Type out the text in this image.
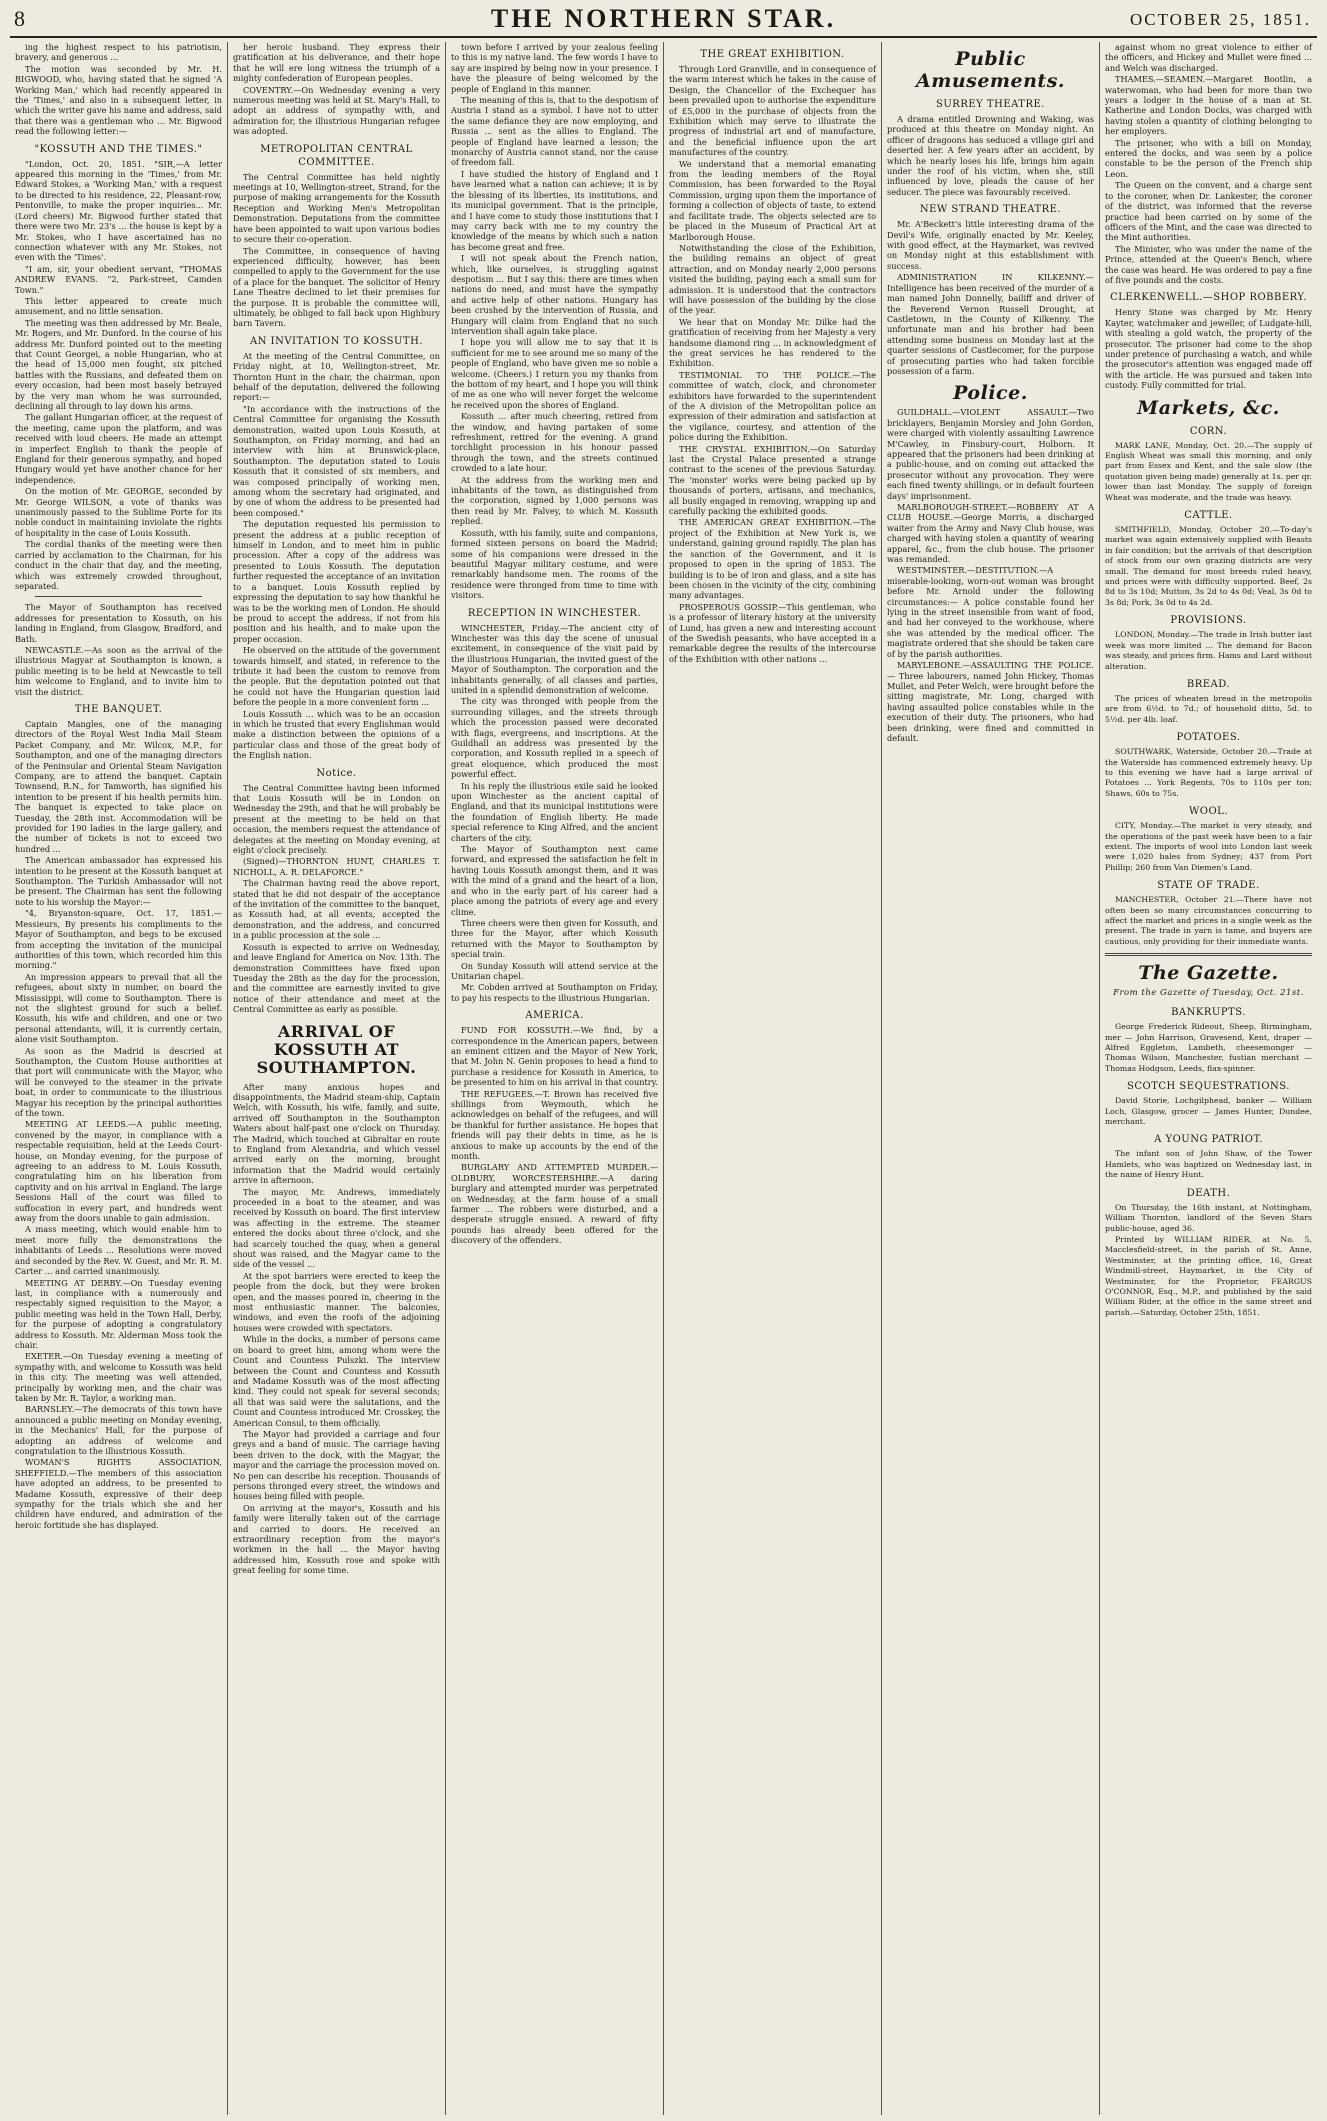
8	THE NORTHERN STAR.	OCTOBER 25, 1851.

ing the highest respect to his patriotism, bravery, and generous ...

The motion was seconded by Mr. H. BIGWOOD, who, having stated that he signed 'A Working Man,' which had recently appeared in the 'Times,' and also in a subsequent letter, in which the writer gave his name and address, said that there was a gentleman who ... Mr. Bigwood read the following letter:—

"KOSSUTH AND THE TIMES."

"London, Oct. 20, 1851. "SIR,—A letter appeared this morning in the 'Times,' from Mr. Edward Stokes, a 'Working Man,' with a request to be directed to his residence, 22, Pleasant-row, Pentonville, to make the proper inquiries... Mr. (Lord cheers) Mr. Bigwood further stated that there were two Mr. 23's ... the house is kept by a Mr. Stokes, who I have ascertained has no connection whatever with any Mr. Stokes, not even with the 'Times'.

"I am, sir, your obedient servant, "THOMAS ANDREW EVANS. "2, Park-street, Camden Town."

This letter appeared to create much amusement, and no little sensation.

The meeting was then addressed by Mr. Beale, Mr. Rogers, and Mr. Dunford. In the course of his address Mr. Dunford pointed out to the meeting that Count Georgei, a noble Hungarian, who at the head of 15,000 men fought, six pitched battles with the Russians, and defeated them on every occasion, had been most basely betrayed by the very man whom he was surrounded, declining all through to lay down his arms.

The gallant Hungarian officer, at the request of the meeting, came upon the platform, and was received with loud cheers. He made an attempt in imperfect English to thank the people of England for their generous sympathy, and hoped Hungary would yet have another chance for her independence.

On the motion of Mr. GEORGE, seconded by Mr. George WILSON, a vote of thanks was unanimously passed to the Sublime Porte for its noble conduct in maintaining inviolate the rights of hospitality in the case of Louis Kossuth.

The cordial thanks of the meeting were then carried by acclamation to the Chairman, for his conduct in the chair that day, and the meeting, which was extremely crowded throughout, separated.

The Mayor of Southampton has received addresses for presentation to Kossuth, on his landing in England, from Glasgow, Bradford, and Bath.

NEWCASTLE.—As soon as the arrival of the illustrious Magyar at Southampton is known, a public meeting is to be held at Newcastle to tell him welcome to England, and to invite him to visit the district.

THE BANQUET.

Captain Mangles, one of the managing directors of the Royal West India Mail Steam Packet Company, and Mr. Wilcox, M.P., for Southampton, and one of the managing directors of the Peninsular and Oriental Steam Navigation Company, are to attend the banquet. Captain Townsend, R.N., for Tamworth, has signified his intention to be present if his health permits him. The banquet is expected to take place on Tuesday, the 28th inst. Accommodation will be provided for 190 ladies in the large gallery, and the number of tickets is not to exceed two hundred ...

The American ambassador has expressed his intention to be present at the Kossuth banquet at Southampton. The Turkish Ambassador will not be present. The Chairman has sent the following note to his worship the Mayor:—

"4, Bryanston-square, Oct. 17, 1851.—Messieurs, By presents his compliments to the Mayor of Southampton, and begs to be excused from accepting the invitation of the municipal authorities of this town, which recorded him this morning."

An impression appears to prevail that all the refugees, about sixty in number, on board the Mississippi, will come to Southampton. There is not the slightest ground for such a belief. Kossuth, his wife and children, and one or two personal attendants, will, it is currently certain, alone visit Southampton.

As soon as the Madrid is descried at Southampton, the Custom House authorities at that port will communicate with the Mayor, who will be conveyed to the steamer in the private boat, in order to communicate to the illustrious Magyar his reception by the principal authorities of the town.

MEETING AT LEEDS.—A public meeting, convened by the mayor, in compliance with a respectable requisition, held at the Leeds Court-house, on Monday evening, for the purpose of agreeing to an address to M. Louis Kossuth, congratulating him on his liberation from captivity and on his arrival in England. The large Sessions Hall of the court was filled to suffocation in every part, and hundreds went away from the doors unable to gain admission.

A mass meeting, which would enable him to meet more fully the demonstrations the inhabitants of Leeds ... Resolutions were moved and seconded by the Rev. W. Guest, and Mr. R. M. Carter ... and carried unanimously.

MEETING AT DERBY.—On Tuesday evening last, in compliance with a numerously and respectably signed requisition to the Mayor, a public meeting was held in the Town Hall, Derby, for the purpose of adopting a congratulatory address to Kossuth. Mr. Alderman Moss took the chair.

EXETER.—On Tuesday evening a meeting of sympathy with, and welcome to Kossuth was held in this city. The meeting was well attended, principally by working men, and the chair was taken by Mr. R. Taylor, a working man.

BARNSLEY.—The democrats of this town have announced a public meeting on Monday evening, in the Mechanics' Hall, for the purpose of adopting an address of welcome and congratulation to the illustrious Kossuth.

WOMAN'S RIGHTS ASSOCIATION, SHEFFIELD.—The members of this association have adopted an address, to be presented to Madame Kossuth, expressive of their deep sympathy for the trials which she and her children have endured, and admiration of the heroic fortitude she has displayed.

her heroic husband. They express their gratification at his deliverance, and their hope that he will ere long witness the triumph of a mighty confederation of European peoples.

COVENTRY.—On Wednesday evening a very numerous meeting was held at St. Mary's Hall, to adopt an address of sympathy with, and admiration for, the illustrious Hungarian refugee was adopted.

METROPOLITAN CENTRAL COMMITTEE.

The Central Committee has held nightly meetings at 10, Wellington-street, Strand, for the purpose of making arrangements for the Kossuth Reception and Working Men's Metropolitan Demonstration. Deputations from the committee have been appointed to wait upon various bodies to secure their co-operation.

The Committee, in consequence of having experienced difficulty, however, has been compelled to apply to the Government for the use of a place for the banquet. The solicitor of Henry Lane Theatre declined to let their premises for the purpose. It is probable the committee will, ultimately, be obliged to fall back upon Highbury barn Tavern.

AN INVITATION TO KOSSUTH.

At the meeting of the Central Committee, on Friday night, at 10, Wellington-street, Mr. Thornton Hunt in the chair, the chairman, upon behalf of the deputation, delivered the following report:—

"In accordance with the instructions of the Central Committee for organising the Kossuth demonstration, waited upon Louis Kossuth, at Southampton, on Friday morning, and had an interview with him at Brunswick-place, Southampton. The deputation stated to Louis Kossuth that it consisted of six members, and was composed principally of working men, among whom the secretary had originated, and by one of whom the address to be presented had been composed."

The deputation requested his permission to present the address at a public reception of himself in London, and to meet him in public procession. After a copy of the address was presented to Louis Kossuth. The deputation further requested the acceptance of an invitation to a banquet. Louis Kossuth replied by expressing the deputation to say how thankful he was to be the working men of London. He should be proud to accept the address, if not from his position and his health, and to make upon the proper occasion.

He observed on the attitude of the government towards himself, and stated, in reference to the tribute it had been the custom to remove from the people. But the deputation pointed out that he could not have the Hungarian question laid before the people in a more convenient form ...

Louis Kossuth ... which was to be an occasion in which he trusted that every Englishman would make a distinction between the opinions of a particular class and those of the great body of the English nation.

Notice.

The Central Committee having been informed that Louis Kossuth will be in London on Wednesday the 29th, and that he will probably be present at the meeting to be held on that occasion, the members request the attendance of delegates at the meeting on Monday evening, at eight o'clock precisely.

(Signed)—THORNTON HUNT, CHARLES T. NICHOLL, A. R. DELAFORCE."

The Chairman having read the above report, stated that he did not despair of the acceptance of the invitation of the committee to the banquet, as Kossuth had, at all events, accepted the demonstration, and the address, and concurred in a public procession at the sole ...

Kossuth is expected to arrive on Wednesday, and leave England for America on Nov. 13th. The demonstration Committees have fixed upon Tuesday the 28th as the day for the procession, and the committee are earnestly invited to give notice of their attendance and meet at the Central Committee as early as possible.

ARRIVAL OF KOSSUTH AT SOUTHAMPTON.

After many anxious hopes and disappointments, the Madrid steam-ship, Captain Welch, with Kossuth, his wife, family, and suite, arrived off Southampton in the Southampton Waters about half-past one o'clock on Thursday. The Madrid, which touched at Gibraltar en route to England from Alexandria, and which vessel arrived early on the morning, brought information that the Madrid would certainly arrive in afternoon.

The mayor, Mr. Andrews, immediately proceeded in a boat to the steamer, and was received by Kossuth on board. The first interview was affecting in the extreme. The steamer entered the docks about three o'clock, and she had scarcely touched the quay, when a general shout was raised, and the Magyar came to the side of the vessel ...

At the spot barriers were erected to keep the people from the dock, but they were broken open, and the masses poured in, cheering in the most enthusiastic manner. The balconies, windows, and even the roofs of the adjoining houses were crowded with spectators.

While in the docks, a number of persons came on board to greet him, among whom were the Count and Countess Pulszki. The interview between the Count and Countess and Kossuth and Madame Kossuth was of the most affecting kind. They could not speak for several seconds; all that was said were the salutations, and the Count and Countess introduced Mr. Crosskey, the American Consul, to them officially.

The Mayor had provided a carriage and four greys and a band of music. The carriage having been driven to the dock, with the Magyar, the mayor and the carriage the procession moved on. No pen can describe his reception. Thousands of persons thronged every street, the windows and houses being filled with people.

On arriving at the mayor's, Kossuth and his family were literally taken out of the carriage and carried to doors. He received an extraordinary reception from the mayor's workmen in the hall ... the Mayor having addressed him, Kossuth rose and spoke with great feeling for some time.

town before I arrived by your zealous feeling to this is my native land. The few words I have to say are inspired by being now in your presence. I have the pleasure of being welcomed by the people of England in this manner.

The meaning of this is, that to the despotism of Austria I stand as a symbol. I have not to utter the same defiance they are now employing, and Russia ... sent as the allies to England. The people of England have learned a lesson; the monarchy of Austria cannot stand, nor the cause of freedom fall.

I have studied the history of England and I have learned what a nation can achieve; it is by the blessing of its liberties, its institutions, and its municipal government. That is the principle, and I have come to study those institutions that I may carry back with me to my country the knowledge of the means by which such a nation has become great and free.

I will not speak about the French nation, which, like ourselves, is struggling against despotism ... But I say this: there are times when nations do need, and must have the sympathy and active help of other nations. Hungary has been crushed by the intervention of Russia, and Hungary will claim from England that no such intervention shall again take place.

I hope you will allow me to say that it is sufficient for me to see around me so many of the people of England, who have given me so noble a welcome. (Cheers.) I return you my thanks from the bottom of my heart, and I hope you will think of me as one who will never forget the welcome he received upon the shores of England.

Kossuth ... after much cheering, retired from the window, and having partaken of some refreshment, retired for the evening. A grand torchlight procession in his honour passed through the town, and the streets continued crowded to a late hour.

At the address from the working men and inhabitants of the town, as distinguished from the corporation, signed by 1,000 persons was then read by Mr. Falvey, to which M. Kossuth replied.

Kossuth, with his family, suite and companions, formed sixteen persons on board the Madrid; some of his companions were dressed in the beautiful Magyar military costume, and were remarkably handsome men. The rooms of the residence were thronged from time to time with visitors.

RECEPTION IN WINCHESTER.

WINCHESTER, Friday.—The ancient city of Winchester was this day the scene of unusual excitement, in consequence of the visit paid by the illustrious Hungarian, the invited guest of the Mayor of Southampton. The corporation and the inhabitants generally, of all classes and parties, united in a splendid demonstration of welcome.

The city was thronged with people from the surrounding villages, and the streets through which the procession passed were decorated with flags, evergreens, and inscriptions. At the Guildhall an address was presented by the corporation, and Kossuth replied in a speech of great eloquence, which produced the most powerful effect.

In his reply the illustrious exile said he looked upon Winchester as the ancient capital of England, and that its municipal institutions were the foundation of English liberty. He made special reference to King Alfred, and the ancient charters of the city.

The Mayor of Southampton next came forward, and expressed the satisfaction he felt in having Louis Kossuth amongst them, and it was with the mind of a grand and the heart of a lion, and who in the early part of his career had a place among the patriots of every age and every clime.

Three cheers were then given for Kossuth, and three for the Mayor, after which Kossuth returned with the Mayor to Southampton by special train.

On Sunday Kossuth will attend service at the Unitarian chapel.

Mr. Cobden arrived at Southampton on Friday, to pay his respects to the illustrious Hungarian.

AMERICA.

FUND FOR KOSSUTH.—We find, by a correspondence in the American papers, between an eminent citizen and the Mayor of New York, that M. John N. Genin proposes to head a fund to purchase a residence for Kossuth in America, to be presented to him on his arrival in that country.

THE REFUGEES.—T. Brown has received five shillings from Weymouth, which he acknowledges on behalf of the refugees, and will be thankful for further assistance. He hopes that friends will pay their debts in time, as he is anxious to make up accounts by the end of the month.

BURGLARY AND ATTEMPTED MURDER.—OLDBURY, WORCESTERSHIRE.—A daring burglary and attempted murder was perpetrated on Wednesday, at the farm house of a small farmer ... The robbers were disturbed, and a desperate struggle ensued. A reward of fifty pounds has already been offered for the discovery of the offenders.

THE GREAT EXHIBITION.

Through Lord Granville, and in consequence of the warm interest which he takes in the cause of Design, the Chancellor of the Exchequer has been prevailed upon to authorise the expenditure of £5,000 in the purchase of objects from the Exhibition which may serve to illustrate the progress of industrial art and of manufacture, and the beneficial influence upon the art manufactures of the country.

We understand that a memorial emanating from the leading members of the Royal Commission, has been forwarded to the Royal Commission, urging upon them the importance of forming a collection of objects of taste, to extend and facilitate trade. The objects selected are to be placed in the Museum of Practical Art at Marlborough House.

Notwithstanding the close of the Exhibition, the building remains an object of great attraction, and on Monday nearly 2,000 persons visited the building, paying each a small sum for admission. It is understood that the contractors will have possession of the building by the close of the year.

We hear that on Monday Mr. Dilke had the gratification of receiving from her Majesty a very handsome diamond ring ... in acknowledgment of the great services he has rendered to the Exhibition.

TESTIMONIAL TO THE POLICE.—The committee of watch, clock, and chronometer exhibitors have forwarded to the superintendent of the A division of the Metropolitan police an expression of their admiration and satisfaction at the vigilance, courtesy, and attention of the police during the Exhibition.

THE CRYSTAL EXHIBITION.—On Saturday last the Crystal Palace presented a strange contrast to the scenes of the previous Saturday. The 'monster' works were being packed up by thousands of porters, artisans, and mechanics, all busily engaged in removing, wrapping up and carefully packing the exhibited goods.

THE AMERICAN GREAT EXHIBITION.—The project of the Exhibition at New York is, we understand, gaining ground rapidly. The plan has the sanction of the Government, and it is proposed to open in the spring of 1853. The building is to be of iron and glass, and a site has been chosen in the vicinity of the city, combining many advantages.

PROSPEROUS GOSSIP.—This gentleman, who is a professor of literary history at the university of Lund, has given a new and interesting account of the Swedish peasants, who have accepted in a remarkable degree the results of the intercourse of the Exhibition with other nations ...

Public Amusements.
SURREY THEATRE.

A drama entitled Drowning and Waking, was produced at this theatre on Monday night. An officer of dragoons has seduced a village girl and deserted her. A few years after an accident, by which he nearly loses his life, brings him again under the roof of his victim, when she, still influenced by love, pleads the cause of her seducer. The piece was favourably received.

NEW STRAND THEATRE.

Mr. A'Beckett's little interesting drama of the Devil's Wife, originally enacted by Mr. Keeley, with good effect, at the Haymarket, was revived on Monday night at this establishment with success.

ADMINISTRATION IN KILKENNY.—Intelligence has been received of the murder of a man named John Donnelly, bailiff and driver of the Reverend Vernon Russell Drought, at Castletown, in the County of Kilkenny. The unfortunate man and his brother had been attending some business on Monday last at the quarter sessions of Castlecomer, for the purpose of prosecuting parties who had taken forcible possession of a farm.

Police.

GUILDHALL.—VIOLENT ASSAULT.—Two bricklayers, Benjamin Morsley and John Gordon, were charged with violently assaulting Lawrence M'Cawley, in Finsbury-court, Holborn. It appeared that the prisoners had been drinking at a public-house, and on coming out attacked the prosecutor without any provocation. They were each fined twenty shillings, or in default fourteen days' imprisonment.

MARLBOROUGH-STREET.—ROBBERY AT A CLUB HOUSE.—George Morris, a discharged waiter from the Army and Navy Club house, was charged with having stolen a quantity of wearing apparel, &c., from the club house. The prisoner was remanded.

WESTMINSTER.—DESTITUTION.—A miserable-looking, worn-out woman was brought before Mr. Arnold under the following circumstances:— A police constable found her lying in the street insensible from want of food, and had her conveyed to the workhouse, where she was attended by the medical officer. The magistrate ordered that she should be taken care of by the parish authorities.

MARYLEBONE.—ASSAULTING THE POLICE.— Three labourers, named John Hickey, Thomas Mullet, and Peter Welch, were brought before the sitting magistrate, Mr. Long, charged with having assaulted police constables while in the execution of their duty. The prisoners, who had been drinking, were fined and committed in default.

against whom no great violence to either of the officers, and Hickey and Mullet were fined ... and Welch was discharged.

THAMES.—SEAMEN.—Margaret Bootlin, a waterwoman, who had been for more than two years a lodger in the house of a man at St. Katherine and London Docks, was charged with having stolen a quantity of clothing belonging to her employers.

The prisoner, who with a bill on Monday, entered the docks, and was seen by a police constable to be the person of the French ship Leon.

The Queen on the convent, and a charge sent to the coroner, when Dr. Lankester, the coroner of the district, was informed that the reverse practice had been carried on by some of the officers of the Mint, and the case was directed to the Mint authorities.

The Minister, who was under the name of the Prince, attended at the Queen's Bench, where the case was heard. He was ordered to pay a fine of five pounds and the costs.

CLERKENWELL.—SHOP ROBBERY.

Henry Stone was charged by Mr. Henry Kayter, watchmaker and jeweller, of Ludgate-hill, with stealing a gold watch, the property of the prosecutor. The prisoner had come to the shop under pretence of purchasing a watch, and while the prosecutor's attention was engaged made off with the article. He was pursued and taken into custody. Fully committed for trial.

Markets, &c.
CORN.

MARK LANE, Monday, Oct. 20.—The supply of English Wheat was small this morning, and only part from Essex and Kent, and the sale slow (the quotation given being made) generally at 1s. per qr. lower than last Monday. The supply of foreign Wheat was moderate, and the trade was heavy.

CATTLE.

SMITHFIELD, Monday, October 20.—To-day's market was again extensively supplied with Beasts in fair condition; but the arrivals of that description of stock from our own grazing districts are very small. The demand for most breeds ruled heavy, and prices were with difficulty supported. Beef, 2s 8d to 3s 10d; Mutton, 3s 2d to 4s 0d; Veal, 3s 0d to 3s 8d; Pork, 3s 0d to 4s 2d.

PROVISIONS.

LONDON, Monday.—The trade in Irish butter last week was more limited ... The demand for Bacon was steady, and prices firm. Hams and Lard without alteration.

BREAD.

The prices of wheaten bread in the metropolis are from 6½d. to 7d.; of household ditto, 5d. to 5½d. per 4lb. loaf.

POTATOES.

SOUTHWARK, Waterside, October 20.—Trade at the Waterside has commenced extremely heavy. Up to this evening we have had a large arrival of Potatoes ... York Regents, 70s to 110s per ton; Shaws, 60s to 75s.

WOOL.

CITY, Monday.—The market is very steady, and the operations of the past week have been to a fair extent. The imports of wool into London last week were 1,020 bales from Sydney; 437 from Port Phillip; 260 from Van Diemen's Land.

STATE OF TRADE.

MANCHESTER, October 21.—There have not often been so many circumstances concurring to affect the market and prices in a single week as the present. The trade in yarn is tame, and buyers are cautious, only providing for their immediate wants.

The Gazette.
From the Gazette of Tuesday, Oct. 21st.
BANKRUPTS.

George Frederick Rideout, Sheep, Birmingham, mer — John Harrison, Gravesend, Kent, draper — Alfred Eggleton, Lambeth, cheesemonger — Thomas Wilson, Manchester, fustian merchant — Thomas Hodgson, Leeds, flax-spinner.

SCOTCH SEQUESTRATIONS.

David Storie, Lochgilphead, banker — William Loch, Glasgow, grocer — James Hunter, Dundee, merchant.

A YOUNG PATRIOT.

The infant son of John Shaw, of the Tower Hamlets, who was baptized on Wednesday last, in the name of Henry Hunt.

DEATH.

On Thursday, the 16th instant, at Nottingham, William Thornton, landlord of the Seven Stars public-house, aged 36.

Printed by WILLIAM RIDER, at No. 5, Macclesfield-street, in the parish of St. Anne, Westminster, at the printing office, 16, Great Windmill-street, Haymarket, in the City of Westminster, for the Proprietor, FEARGUS O'CONNOR, Esq., M.P., and published by the said William Rider, at the office in the same street and parish.—Saturday, October 25th, 1851.
